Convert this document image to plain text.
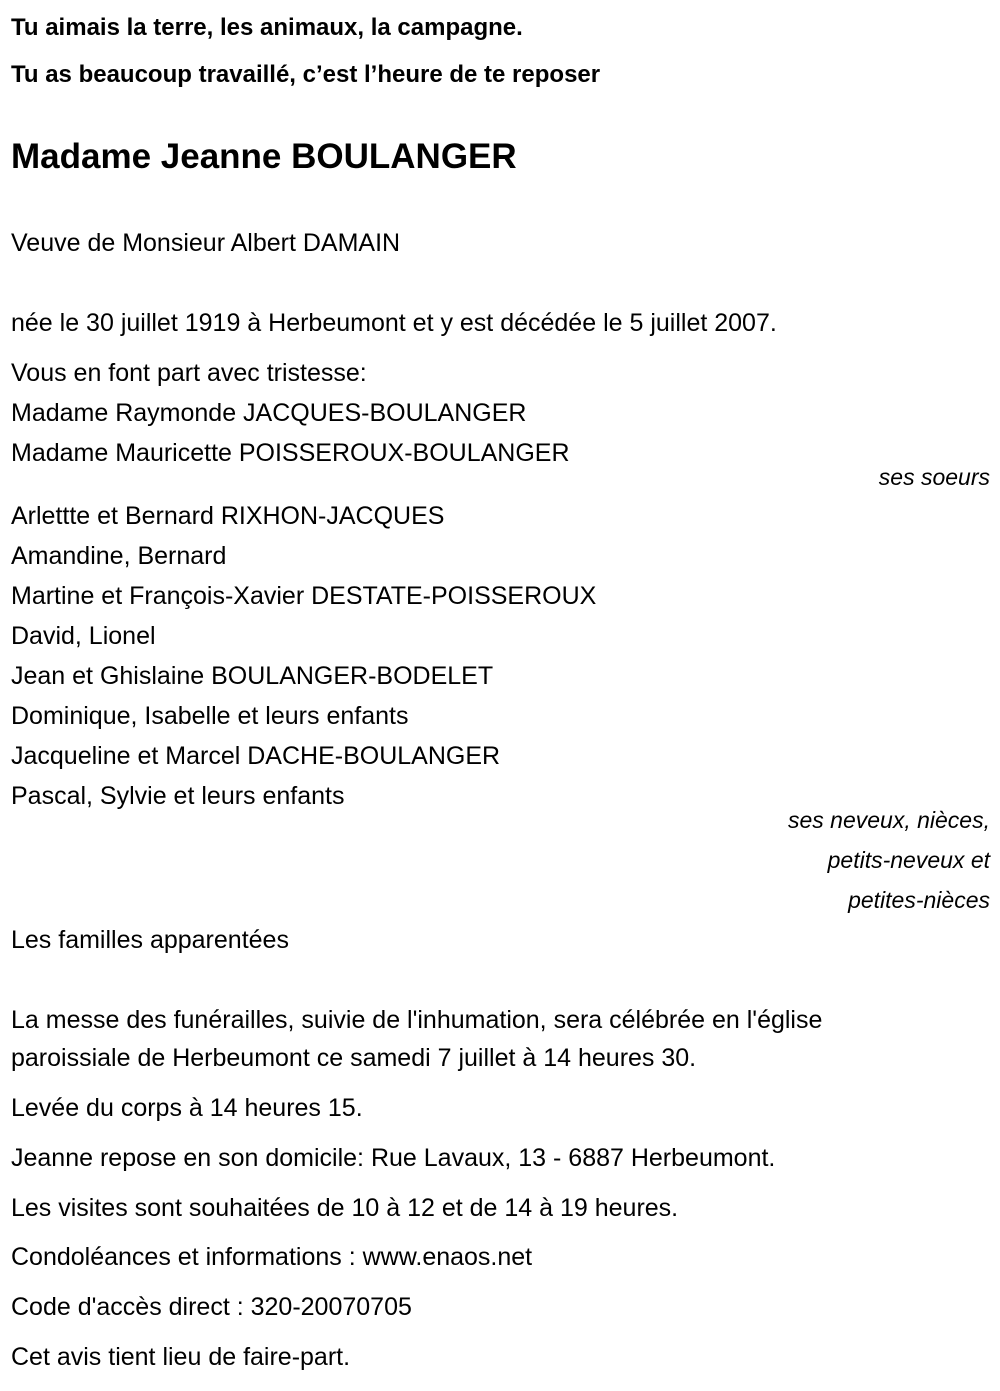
Tu aimais la terre, les animaux, la campagne.
Tu as beaucoup travaillé, c’est l’heure de te reposer
Madame Jeanne BOULANGER
Veuve de Monsieur Albert DAMAIN
née le 30 juillet 1919 à Herbeumont et y est décédée le 5 juillet 2007.
Vous en font part avec tristesse:
Madame Raymonde JACQUES-BOULANGER
Madame Mauricette POISSEROUX-BOULANGER
ses soeurs
Arlettte et Bernard RIXHON-JACQUES
Amandine, Bernard
Martine et François-Xavier DESTATE-POISSEROUX
David, Lionel
Jean et Ghislaine BOULANGER-BODELET
Dominique, Isabelle et leurs enfants
Jacqueline et Marcel DACHE-BOULANGER
Pascal, Sylvie et leurs enfants
ses neveux, nièces,
petits-neveux et
petites-nièces
Les familles apparentées
La messe des funérailles, suivie de l'inhumation, sera célébrée en l'église
paroissiale de Herbeumont ce samedi 7 juillet à 14 heures 30.
Levée du corps à 14 heures 15.
Jeanne repose en son domicile: Rue Lavaux, 13 - 6887 Herbeumont.
Les visites sont souhaitées de 10 à 12 et de 14 à 19 heures.
Condoléances et informations : www.enaos.net
Code d'accès direct : 320-20070705
Cet avis tient lieu de faire-part.
